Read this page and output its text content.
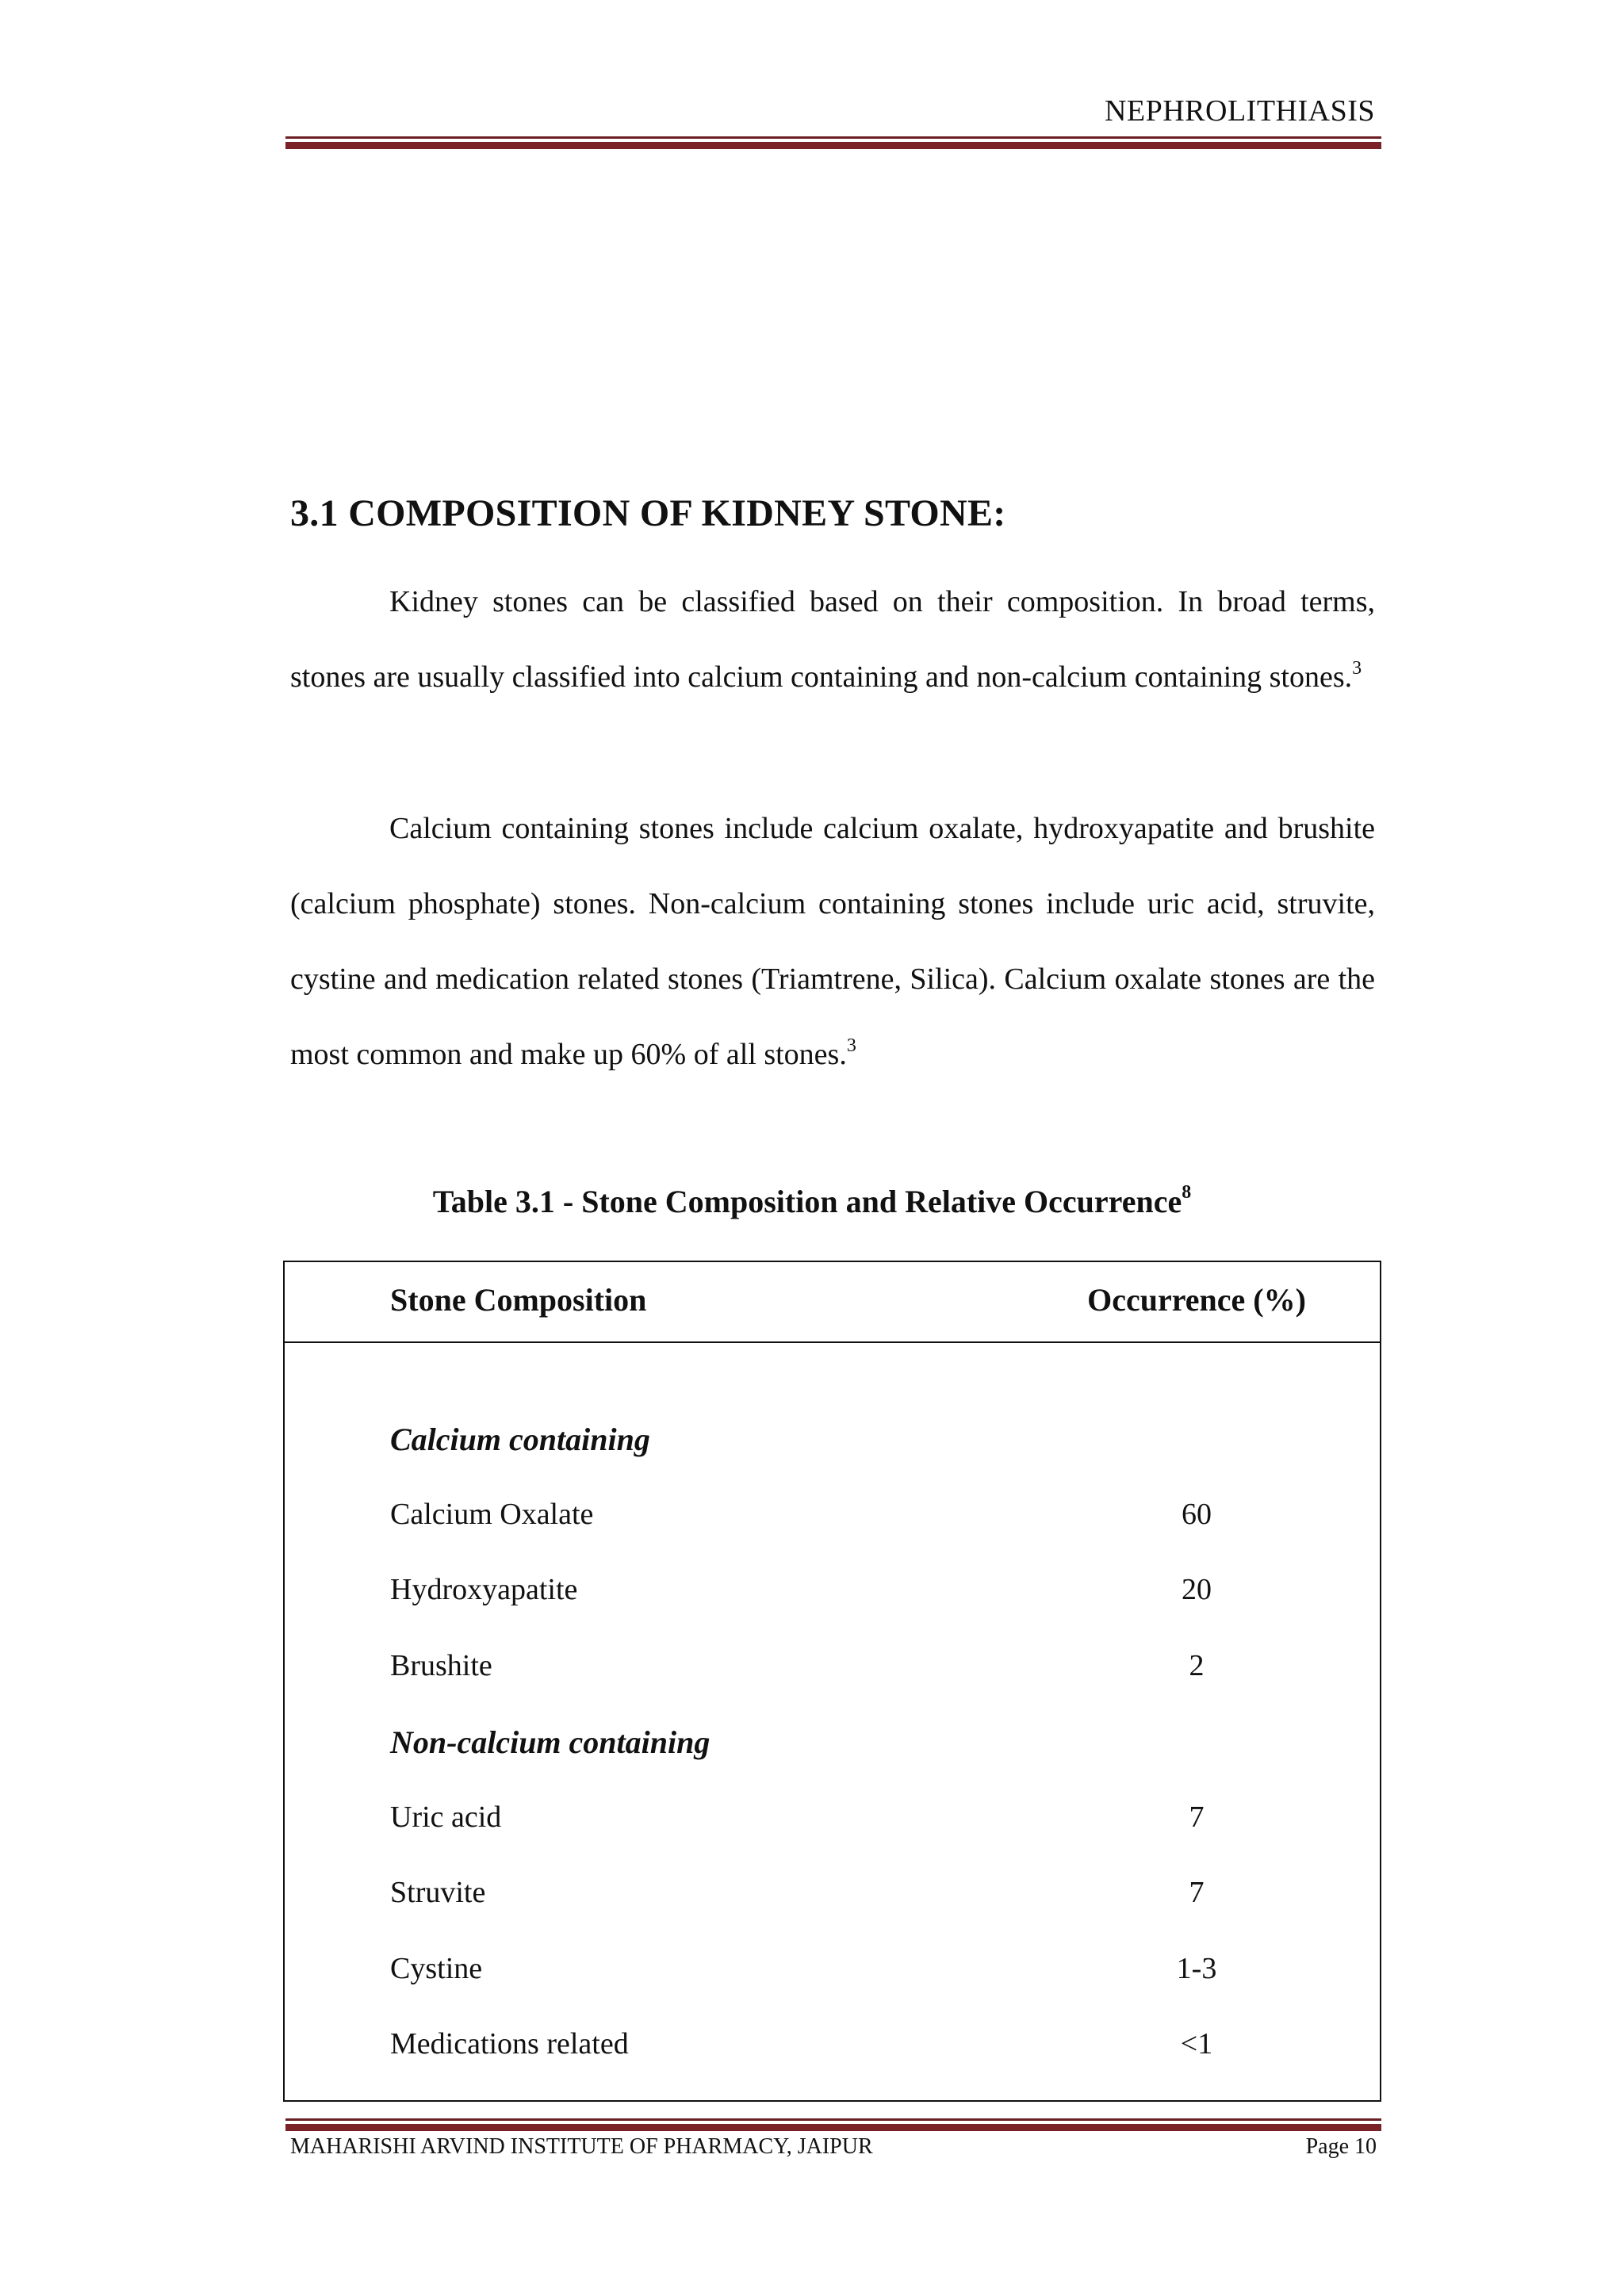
NEPHROLITHIASIS
3.1 COMPOSITION OF KIDNEY STONE:

Kidney stones can be classified based on their composition. In broad terms, stones are usually classified into calcium containing and non-calcium containing stones.$^3$

Calcium containing stones include calcium oxalate, hydroxyapatite and brushite (calcium phosphate) stones. Non-calcium containing stones include uric acid, struvite, cystine and medication related stones (Triamtrene, Silica). Calcium oxalate stones are the most common and make up 60% of all stones.$^3$

Table 3.1 - Stone Composition and Relative Occurrence$^8$
Stone Composition	Occurrence (%)
Calcium containing
Calcium Oxalate	60
Hydroxyapatite	20
Brushite	2
Non-calcium containing
Uric acid	7
Struvite	7
Cystine	1-3
Medications related	<1
MAHARISHI ARVIND INSTITUTE OF PHARMACY, JAIPUR	Page 10
